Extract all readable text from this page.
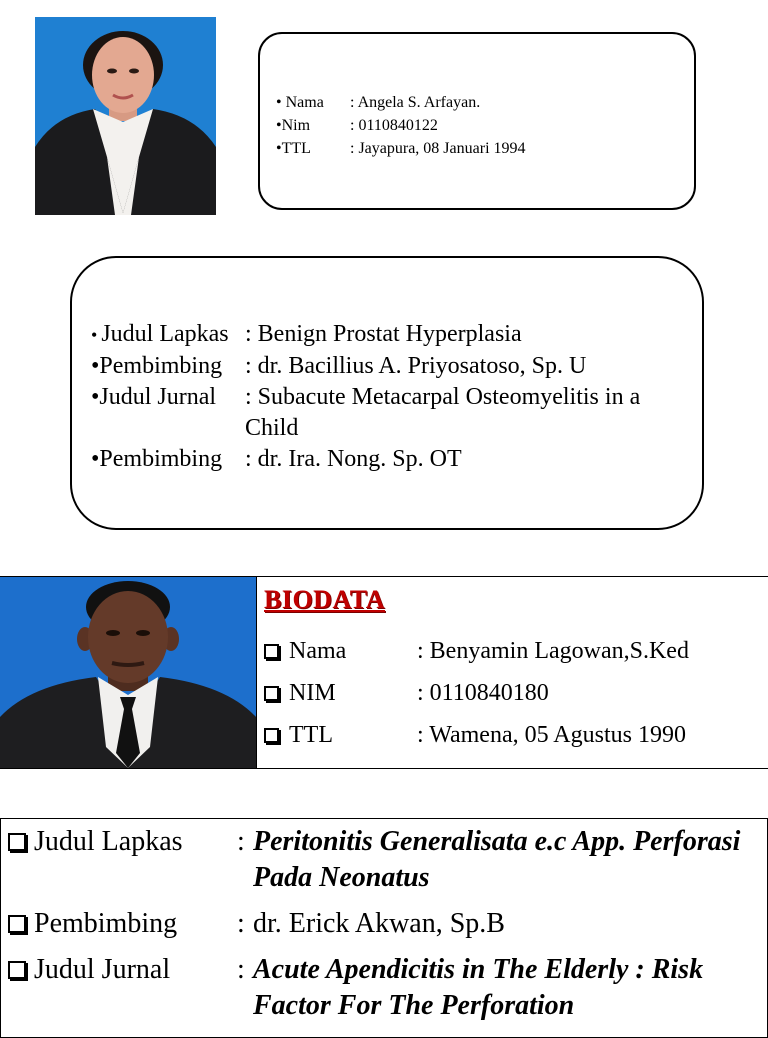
• Nama	: Angela S. Arfayan.
•Nim	: 0110840122
•TTL	: Jayapura, 08 Januari 1994
• Judul Lapkas : Benign Prostat Hyperplasia
•Pembimbing : dr. Bacillius A. Priyosatoso, Sp. U
•Judul Jurnal	: Subacute Metacarpal Osteomyelitis in a Child
•Pembimbing : dr. Ira. Nong. Sp. OT
BIODATA
Nama	: Benyamin Lagowan,S.Ked
NIM	: 0110840180
TTL	: Wamena, 05 Agustus 1990
Judul Lapkas : Peritonitis Generalisata e.c App. Perforasi Pada Neonatus
Pembimbing : dr. Erick Akwan, Sp.B
Judul Jurnal : Acute Apendicitis in The Elderly : Risk Factor For The Perforation
